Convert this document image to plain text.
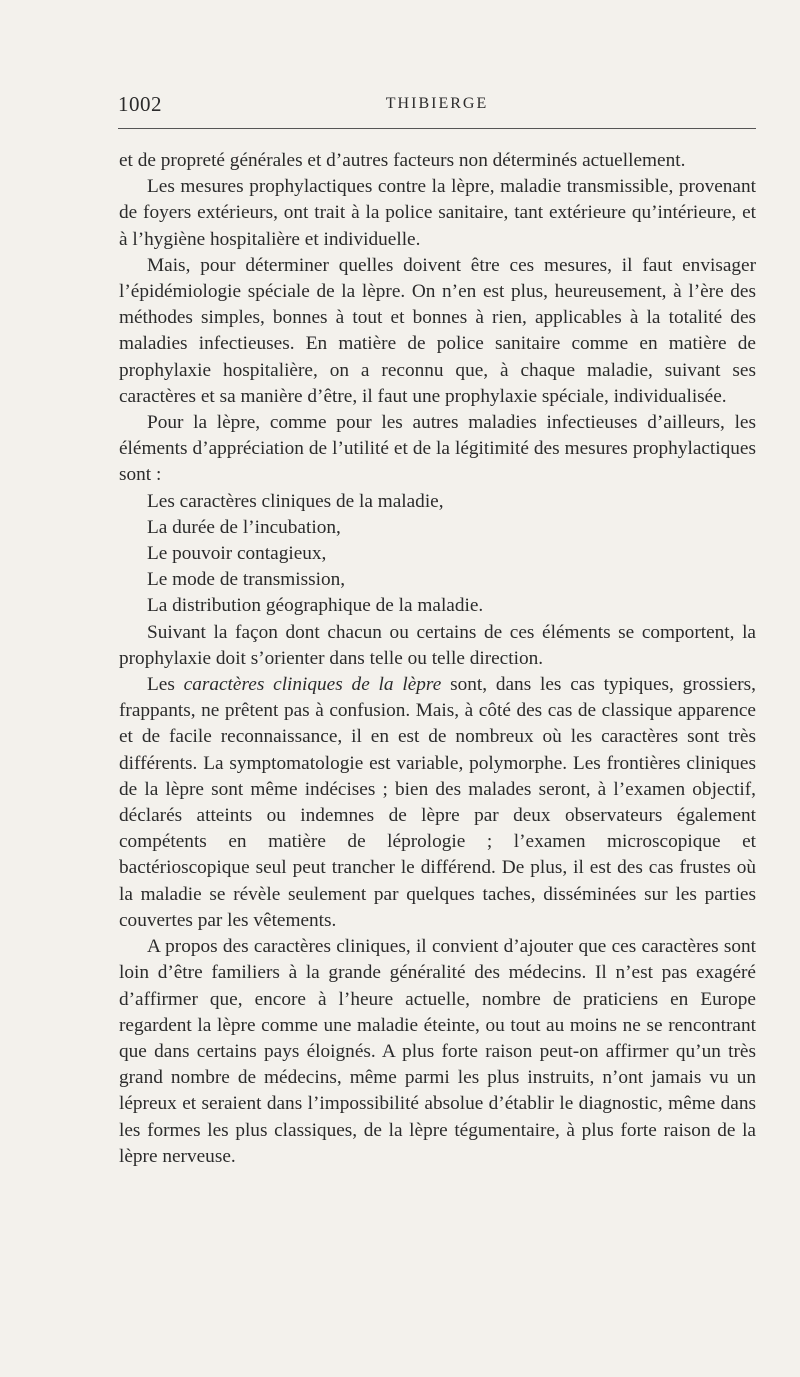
1002	THIBIERGE

et de propreté générales et d’autres facteurs non déterminés actuellement.

Les mesures prophylactiques contre la lèpre, maladie transmissible, provenant de foyers extérieurs, ont trait à la police sanitaire, tant extérieure qu’intérieure, et à l’hygiène hospitalière et individuelle.

Mais, pour déterminer quelles doivent être ces mesures, il faut envisager l’épidémiologie spéciale de la lèpre. On n’en est plus, heureusement, à l’ère des méthodes simples, bonnes à tout et bonnes à rien, applicables à la totalité des maladies infectieuses. En matière de police sanitaire comme en matière de prophylaxie hospitalière, on a reconnu que, à chaque maladie, suivant ses caractères et sa manière d’être, il faut une prophylaxie spéciale, individualisée.

Pour la lèpre, comme pour les autres maladies infectieuses d’ailleurs, les éléments d’appréciation de l’utilité et de la légitimité des mesures prophylactiques sont :

Les caractères cliniques de la maladie,

La durée de l’incubation,

Le pouvoir contagieux,

Le mode de transmission,

La distribution géographique de la maladie.

Suivant la façon dont chacun ou certains de ces éléments se comportent, la prophylaxie doit s’orienter dans telle ou telle direction.

Les caractères cliniques de la lèpre sont, dans les cas typiques, grossiers, frappants, ne prêtent pas à confusion. Mais, à côté des cas de classique apparence et de facile reconnaissance, il en est de nombreux où les caractères sont très différents. La symptomatologie est variable, polymorphe. Les frontières cliniques de la lèpre sont même indécises ; bien des malades seront, à l’examen objectif, déclarés atteints ou indemnes de lèpre par deux observateurs également compétents en matière de léprologie ; l’examen microscopique et bactérioscopique seul peut trancher le différend. De plus, il est des cas frustes où la maladie se révèle seulement par quelques taches, disséminées sur les parties couvertes par les vêtements.

A propos des caractères cliniques, il convient d’ajouter que ces caractères sont loin d’être familiers à la grande généralité des médecins. Il n’est pas exagéré d’affirmer que, encore à l’heure actuelle, nombre de praticiens en Europe regardent la lèpre comme une maladie éteinte, ou tout au moins ne se rencontrant que dans certains pays éloignés. A plus forte raison peut-on affirmer qu’un très grand nombre de médecins, même parmi les plus instruits, n’ont jamais vu un lépreux et seraient dans l’impossibilité absolue d’établir le diagnostic, même dans les formes les plus classiques, de la lèpre tégumentaire, à plus forte raison de la lèpre nerveuse.
